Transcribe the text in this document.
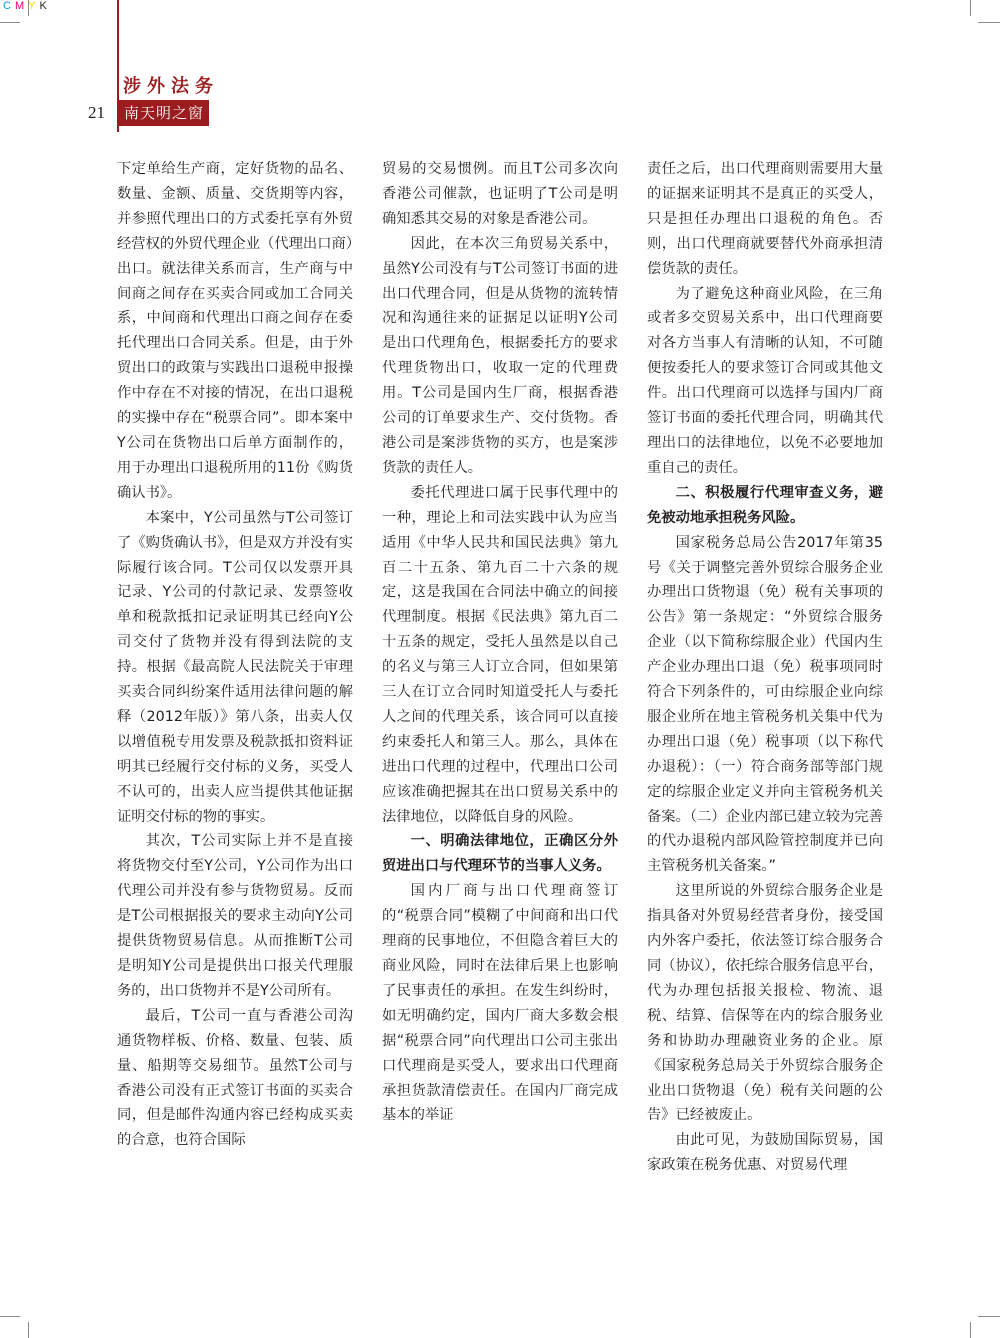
C M Y K
涉外法务
21	南天明之窗

下定单给生产商，定好货物的品名、数量、金额、质量、交货期等内容，并参照代理出口的方式委托享有外贸经营权的外贸代理企业（代理出口商）出口。就法律关系而言，生产商与中间商之间存在买卖合同或加工合同关系，中间商和代理出口商之间存在委托代理出口合同关系。但是，由于外贸出口的政策与实践出口退税申报操作中存在不对接的情况，在出口退税的实操中存在“税票合同”。即本案中Y公司在货物出口后单方面制作的，用于办理出口退税所用的11份《购货确认书》。

本案中，Y公司虽然与T公司签订了《购货确认书》，但是双方并没有实际履行该合同。T公司仅以发票开具记录、Y公司的付款记录、发票签收单和税款抵扣记录证明其已经向Y公司交付了货物并没有得到法院的支持。根据《最高院人民法院关于审理买卖合同纠纷案件适用法律问题的解释（2012年版）》第八条，出卖人仅以增值税专用发票及税款抵扣资料证明其已经履行交付标的义务，买受人不认可的，出卖人应当提供其他证据证明交付标的物的事实。

其次，T公司实际上并不是直接将货物交付至Y公司，Y公司作为出口代理公司并没有参与货物贸易。反而是T公司根据报关的要求主动向Y公司提供货物贸易信息。从而推断T公司是明知Y公司是提供出口报关代理服务的，出口货物并不是Y公司所有。

最后，T公司一直与香港公司沟通货物样板、价格、数量、包装、质量、船期等交易细节。虽然T公司与香港公司没有正式签订书面的买卖合同，但是邮件沟通内容已经构成买卖的合意，也符合国际

贸易的交易惯例。而且T公司多次向香港公司催款，也证明了T公司是明确知悉其交易的对象是香港公司。

因此，在本次三角贸易关系中，虽然Y公司没有与T公司签订书面的进出口代理合同，但是从货物的流转情况和沟通往来的证据足以证明Y公司是出口代理角色，根据委托方的要求代理货物出口，收取一定的代理费用。T公司是国内生厂商，根据香港公司的订单要求生产、交付货物。香港公司是案涉货物的买方，也是案涉货款的责任人。

委托代理进口属于民事代理中的一种，理论上和司法实践中认为应当适用《中华人民共和国民法典》第九百二十五条、第九百二十六条的规定，这是我国在合同法中确立的间接代理制度。根据《民法典》第九百二十五条的规定，受托人虽然是以自己的名义与第三人订立合同，但如果第三人在订立合同时知道受托人与委托人之间的代理关系，该合同可以直接约束委托人和第三人。那么，具体在进出口代理的过程中，代理出口公司应该准确把握其在出口贸易关系中的法律地位，以降低自身的风险。

一、明确法律地位，正确区分外贸进出口与代理环节的当事人义务。

国内厂商与出口代理商签订的“税票合同”模糊了中间商和出口代理商的民事地位，不但隐含着巨大的商业风险，同时在法律后果上也影响了民事责任的承担。在发生纠纷时，如无明确约定，国内厂商大多数会根据“税票合同”向代理出口公司主张出口代理商是买受人，要求出口代理商承担货款清偿责任。在国内厂商完成基本的举证

责任之后，出口代理商则需要用大量的证据来证明其不是真正的买受人，只是担任办理出口退税的角色。否则，出口代理商就要替代外商承担清偿货款的责任。

为了避免这种商业风险，在三角或者多交贸易关系中，出口代理商要对各方当事人有清晰的认知，不可随便按委托人的要求签订合同或其他文件。出口代理商可以选择与国内厂商签订书面的委托代理合同，明确其代理出口的法律地位，以免不必要地加重自己的责任。

二、积极履行代理审查义务，避免被动地承担税务风险。

国家税务总局公告2017年第35号《关于调整完善外贸综合服务企业办理出口货物退（免）税有关事项的公告》第一条规定：“外贸综合服务企业（以下简称综服企业）代国内生产企业办理出口退（免）税事项同时符合下列条件的，可由综服企业向综服企业所在地主管税务机关集中代为办理出口退（免）税事项（以下称代办退税）：（一）符合商务部等部门规定的综服企业定义并向主管税务机关备案。（二）企业内部已建立较为完善的代办退税内部风险管控制度并已向主管税务机关备案。”

这里所说的外贸综合服务企业是指具备对外贸易经营者身份，接受国内外客户委托，依法签订综合服务合同（协议），依托综合服务信息平台，代为办理包括报关报检、物流、退税、结算、信保等在内的综合服务业务和协助办理融资业务的企业。原《国家税务总局关于外贸综合服务企业出口货物退（免）税有关问题的公告》已经被废止。

由此可见，为鼓励国际贸易，国家政策在税务优惠、对贸易代理
